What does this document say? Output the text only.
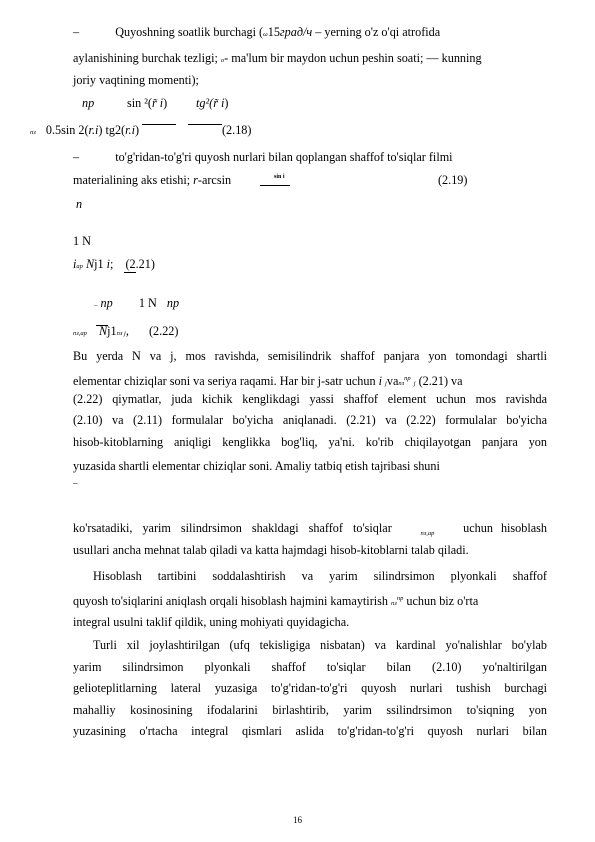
–	Quyoshning soatlik burchagi (ω15град/ч – yerning o'z o'qi atrofida
aylanishining burchak tezligi; о- ma'lum bir maydon uchun peshin soati; — kunning
joriy vaqtining momenti);
пр	sin ²(r̃ i) tg²(r̃ i)
пз 0.5sin 2(r.i) tg2(r.i)	(2.18)
–	to'g'ridan-to'g'ri quyosh nurlari bilan qoplangan shaffof to'siqlar filmi
materialining aks etishi; r-arcsin	sin i	(2.19)
n
1 N
iар Nj1 i; (2.21)
– пр 1 N пр
пз,ар Nj1пз j, (2.22)
Bu yerda N va j, mos ravishda, semisilindrik shaffof panjara yon tomondagi shartli
elementar chiziqlar soni va seriya raqami. Har bir j-satr uchun i jvaпз$^{пр}$ j (2.21) va
(2.22) qiymatlar, juda kichik kenglikdagi yassi shaffof element uchun mos ravishda
(2.10) va (2.11) formulalar bo'yicha aniqlanadi. (2.21) va (2.22) formulalar bo'yicha
hisob-kitoblarning aniqligi kenglikka bog'liq, ya'ni. ko'rib chiqilayotgan panjara yon
yuzasida shartli elementar chiziqlar soni. Amaliy tatbiq etish tajribasi shuni
–
ko'rsatadiki, yarim silindrsimon shakldagi shaffof to'siqlar	пз,ар uchun hisoblash
usullari ancha mehnat talab qiladi va katta hajmdagi hisob-kitoblarni talab qiladi.
Hisoblash tartibini soddalashtirish va yarim silindrsimon plyonkali shaffof
quyosh to'siqlarini aniqlash orqali hisoblash hajmini kamaytirish $пз^{пр}$ uchun biz o'rta
integral usulni taklif qildik, uning mohiyati quyidagicha.
Turli xil joylashtirilgan (ufq tekisligiga nisbatan) va kardinal yo'nalishlar bo'ylab
yarim silindrsimon plyonkali shaffof to'siqlar bilan (2.10) yo'naltirilgan
gelioteplitlarning lateral yuzasiga to'g'ridan-to'g'ri quyosh nurlari tushish burchagi
mahalliy kosinosining ifodalarini birlashtirib, yarim ssilindrsimon to'siqning yon
yuzasining o'rtacha integral qismlari aslida to'g'ridan-to'g'ri quyosh nurlari bilan
16
